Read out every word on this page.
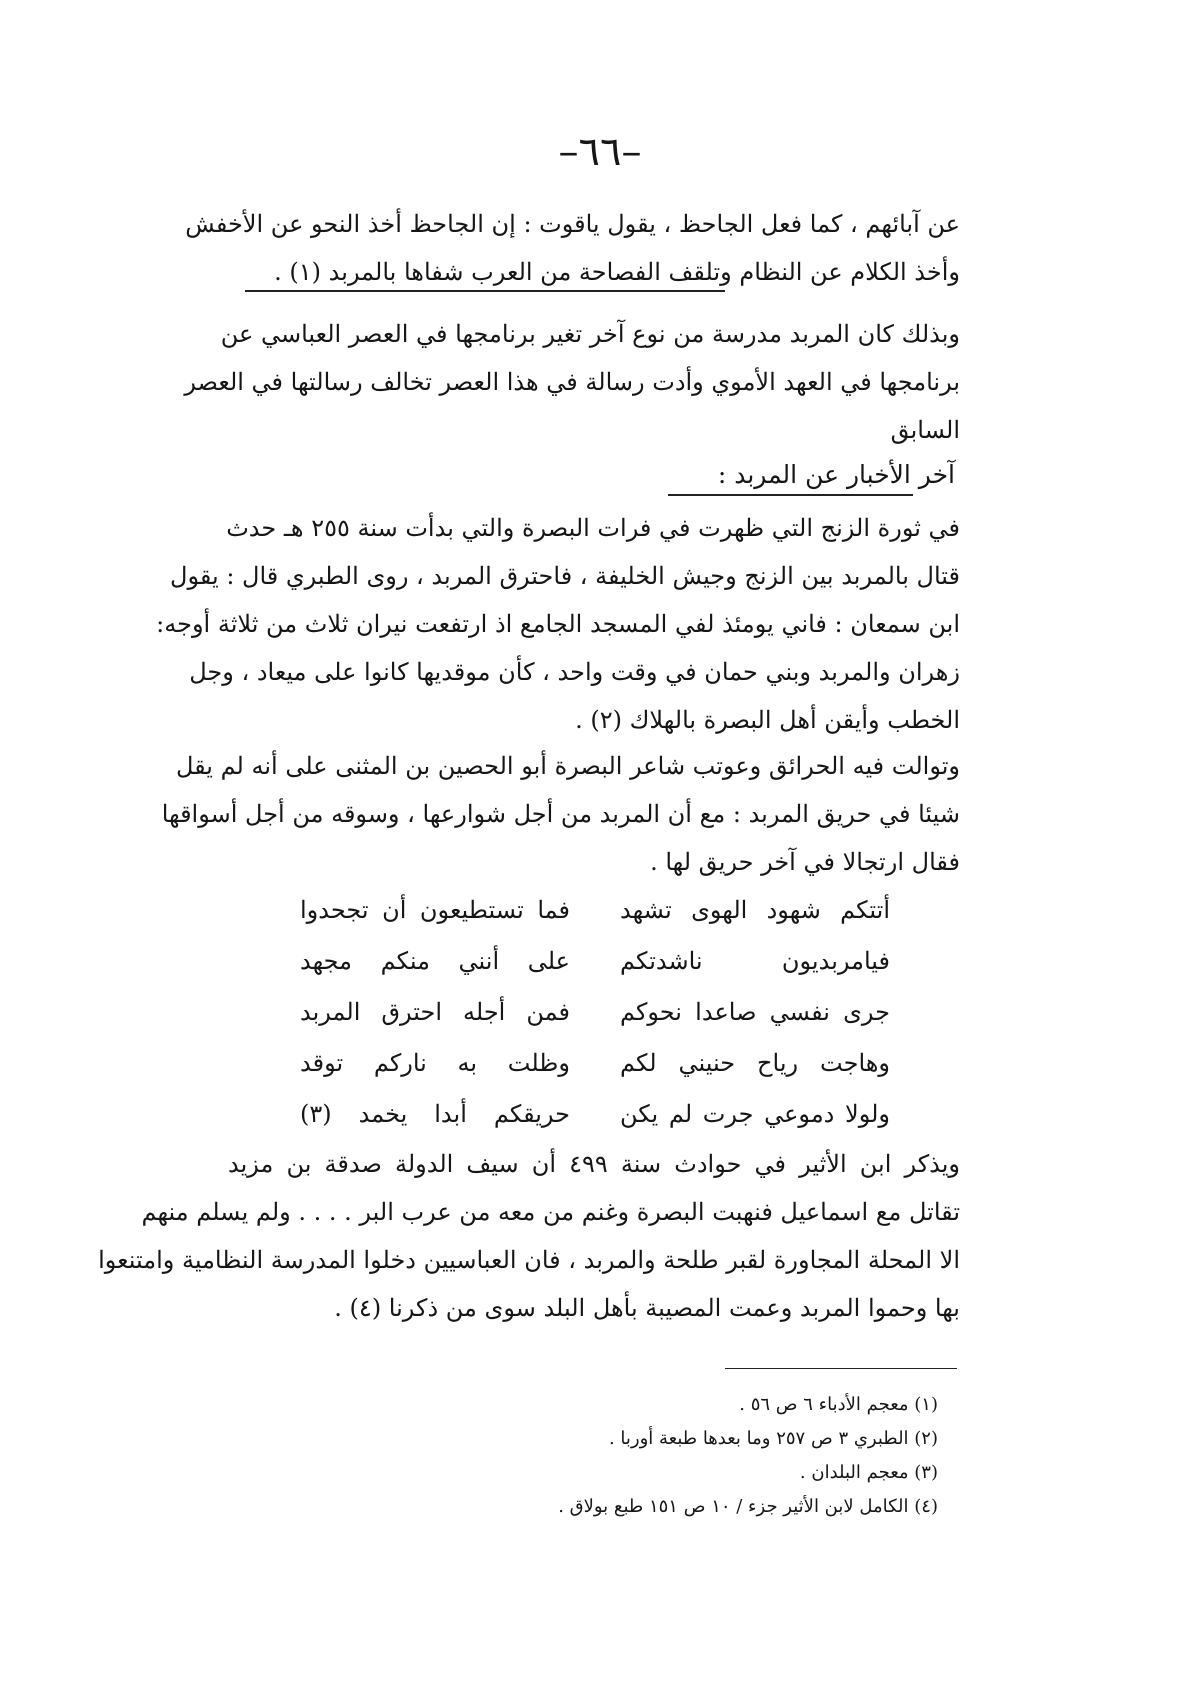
–٦٦–
عن آبائهم ، كما فعل الجاحظ ، يقول ياقوت : إن الجاحظ أخذ النحو عن الأخفش
وأخذ الكلام عن النظام وتلقف الفصاحة من العرب شفاها بالمربد (١) .
وبذلك كان المربد مدرسة من نوع آخر تغير برنامجها في العصر العباسي عن
برنامجها في العهد الأموي وأدت رسالة في هذا العصر تخالف رسالتها في العصر
السابق
آخر الأخبار عن المربد :
في ثورة الزنج التي ظهرت في فرات البصرة والتي بدأت سنة ٢٥٥ هـ حدث
قتال بالمربد بين الزنج وجيش الخليفة ، فاحترق المربد ، روى الطبري قال : يقول
ابن سمعان : فاني يومئذ لفي المسجد الجامع اذ ارتفعت نيران ثلاث من ثلاثة أوجه:
زهران والمربد وبني حمان في وقت واحد ، كأن موقديها كانوا على ميعاد ، وجل
الخطب وأيقن أهل البصرة بالهلاك (٢) .
وتوالت فيه الحرائق وعوتب شاعر البصرة أبو الحصين بن المثنى على أنه لم يقل
شيئا في حريق المربد : مع أن المربد من أجل شوارعها ، وسوقه من أجل أسواقها
فقال ارتجالا في آخر حريق لها .
أتتكم شهود الهوى تشهد
فما تستطيعون أن تجحدوا
فيامربديون ناشدتكم
على أنني منكم مجهد
جرى نفسي صاعدا نحوكم
فمن أجله احترق المربد
وهاجت رياح حنيني لكم
وظلت به ناركم توقد
ولولا دموعي جرت لم يكن
حريقكم أبدا يخمد (٣)
ويذكر ابن الأثير في حوادث سنة ٤٩٩ أن سيف الدولة صدقة بن مزيد
تقاتل مع اسماعيل فنهبت البصرة وغنم من معه من عرب البر . . . . ولم يسلم منهم
الا المحلة المجاورة لقبر طلحة والمربد ، فان العباسيين دخلوا المدرسة النظامية وامتنعوا
بها وحموا المربد وعمت المصيبة بأهل البلد سوى من ذكرنا (٤) .
(١) معجم الأدباء ٦ ص ٥٦ .
(٢) الطبري ٣ ص ٢٥٧ وما بعدها طبعة أوربا .
(٣) معجم البلدان .
(٤) الكامل لابن الأثير جزء / ١٠ ص ١٥١ طبع بولاق .
